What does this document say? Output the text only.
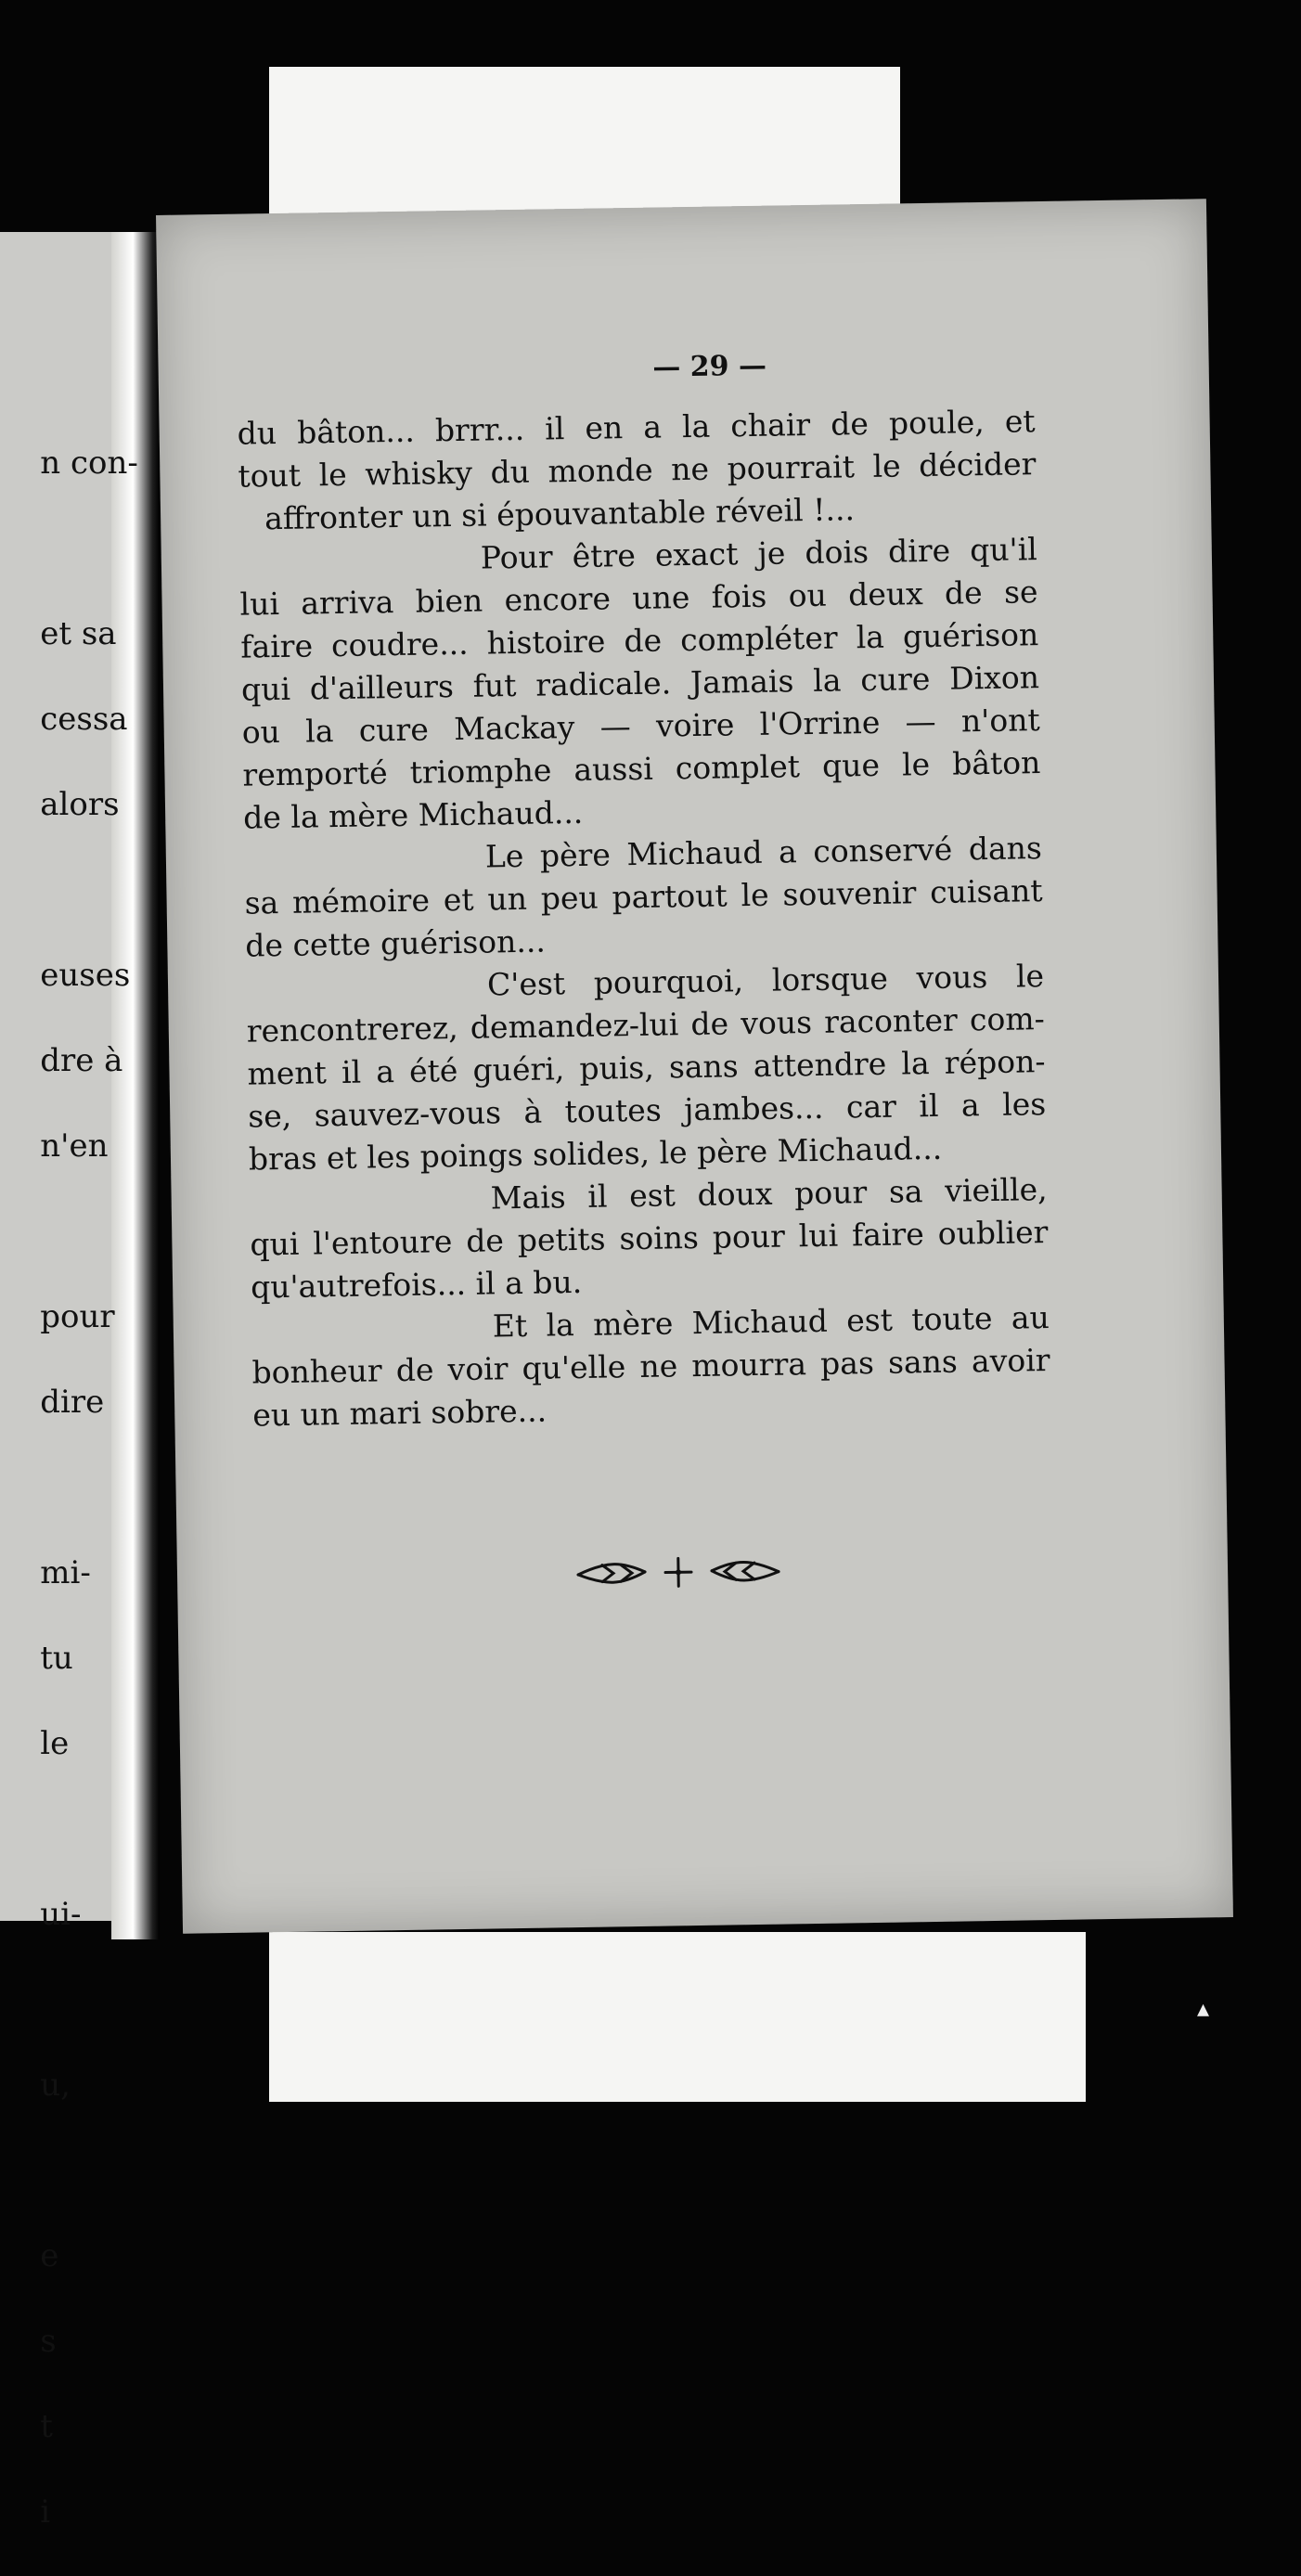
n con-

et sa

cessa

alors

euses

dre à

n'en

pour

dire

mi-

tu

le

ui-

u,

e

s

t

i

— 29 —
du bâton... brrr... il en a la chair de poule, et
tout le whisky du monde ne pourrait le décider
affronter un si épouvantable réveil !...
Pour être exact je dois dire qu'il
lui arriva bien encore une fois ou deux de se
faire coudre... histoire de compléter la guérison
qui d'ailleurs fut radicale. Jamais la cure Dixon
ou la cure Mackay — voire l'Orrine — n'ont
remporté triomphe aussi complet que le bâton
de la mère Michaud...
Le père Michaud a conservé dans
sa mémoire et un peu partout le souvenir cuisant
de cette guérison...
C'est pourquoi, lorsque vous le
rencontrerez, demandez-lui de vous raconter com-
ment il a été guéri, puis, sans attendre la répon-
se, sauvez-vous à toutes jambes... car il a les
bras et les poings solides, le père Michaud...
Mais il est doux pour sa vieille,
qui l'entoure de petits soins pour lui faire oublier
qu'autrefois... il a bu.
Et la mère Michaud est toute au
bonheur de voir qu'elle ne mourra pas sans avoir
eu un mari sobre...
▴
